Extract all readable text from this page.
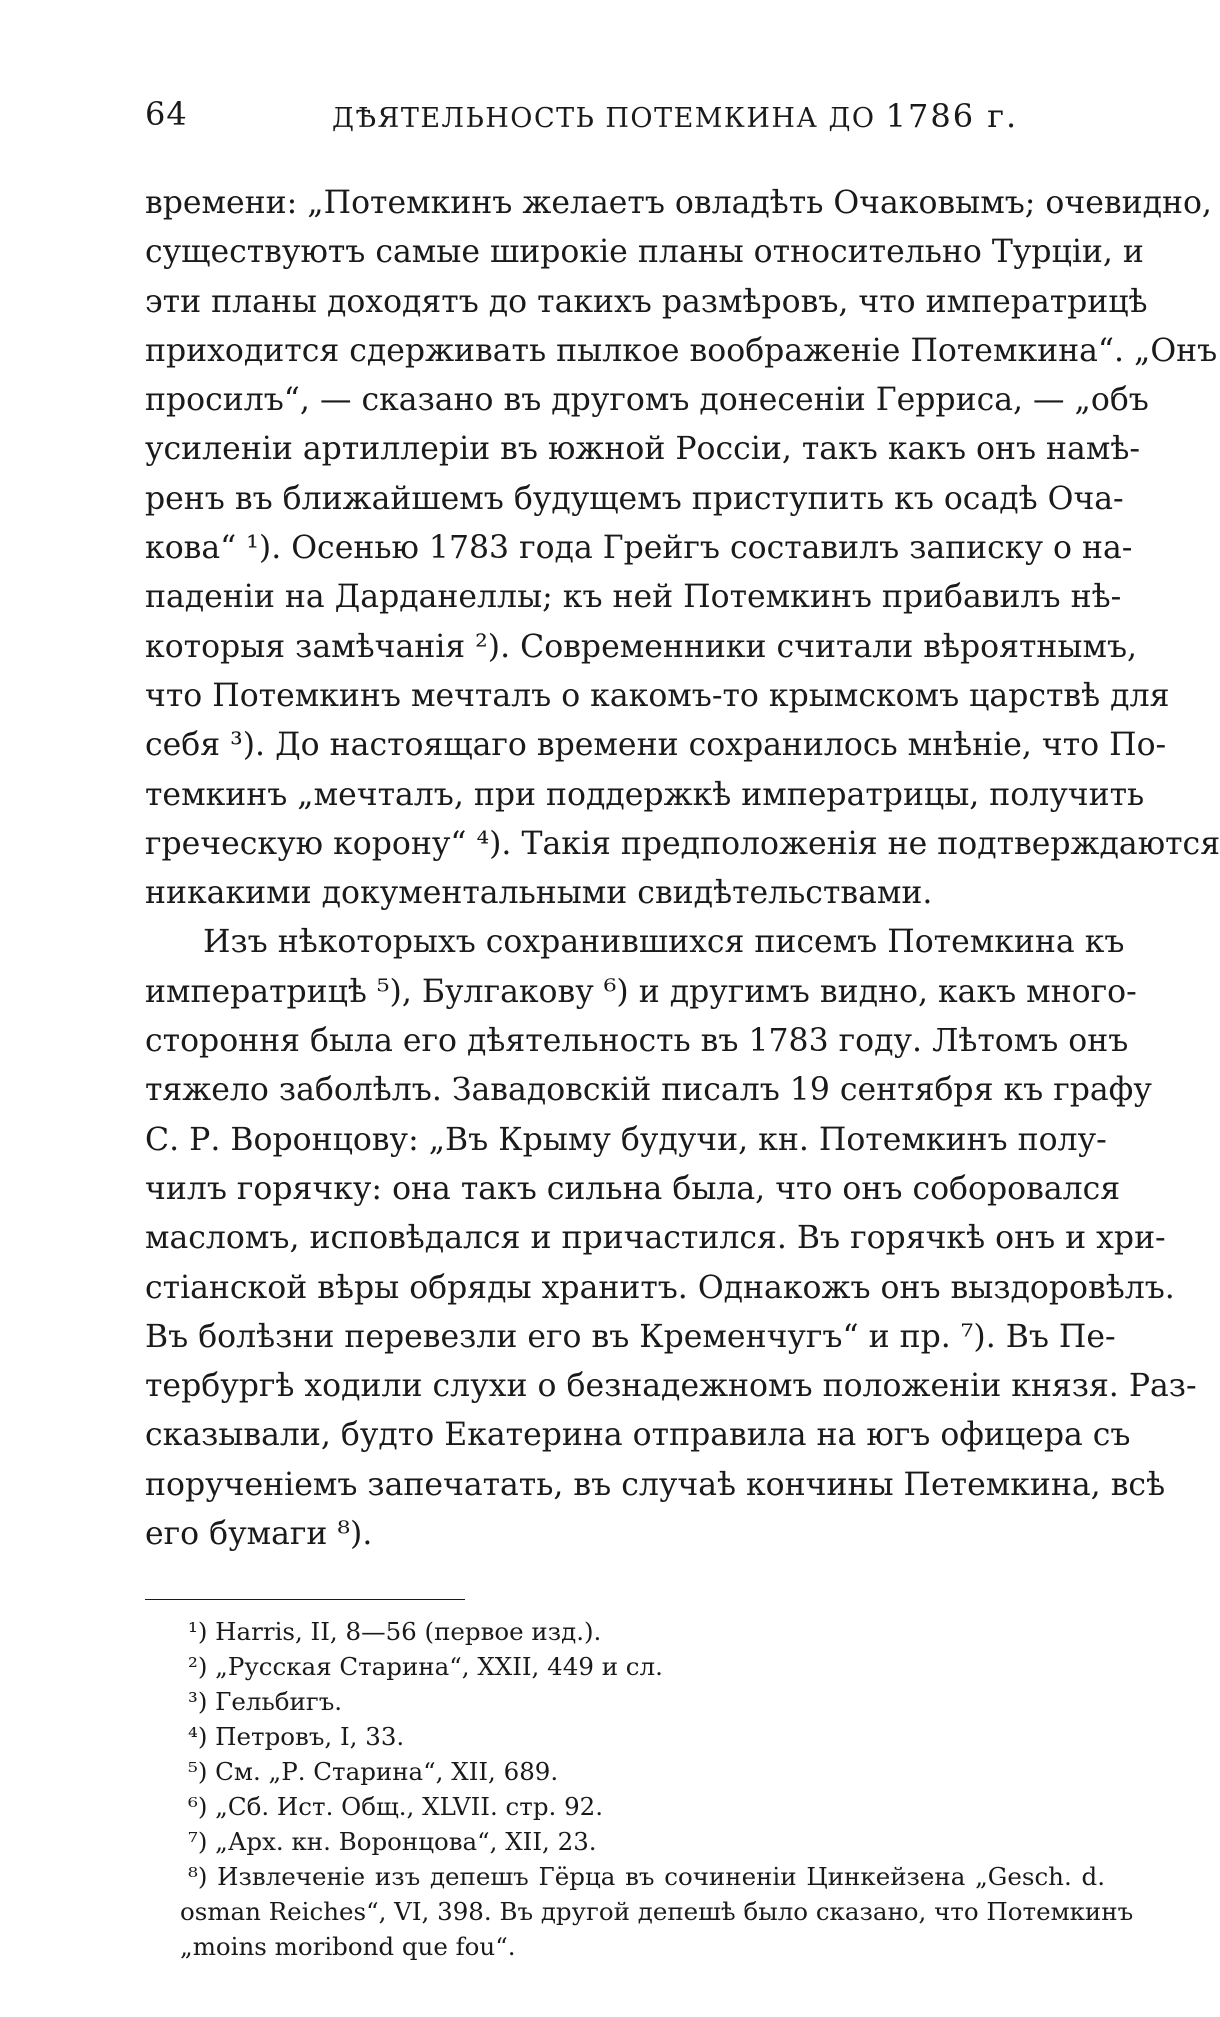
64	ДѢЯТЕЛЬНОСТЬ ПОТЕМКИНА ДО 1786 г.
времени: „Потемкинъ желаетъ овладѣть Очаковымъ; очевидно,
существуютъ самые широкіе планы относительно Турціи, и
эти планы доходятъ до такихъ размѣровъ, что императрицѣ
приходится сдерживать пылкое воображеніе Потемкина“. „Онъ
просилъ“, — сказано въ другомъ донесеніи Герриса, — „объ
усиленіи артиллеріи въ южной Россіи, такъ какъ онъ намѣ-
ренъ въ ближайшемъ будущемъ приступить къ осадѣ Оча-
кова“ ¹). Осенью 1783 года Грейгъ составилъ записку о на-
паденіи на Дарданеллы; къ ней Потемкинъ прибавилъ нѣ-
которыя замѣчанія ²). Современники считали вѣроятнымъ,
что Потемкинъ мечталъ о какомъ-то крымскомъ царствѣ для
себя ³). До настоящаго времени сохранилось мнѣніе, что По-
темкинъ „мечталъ, при поддержкѣ императрицы, получить
греческую корону“ ⁴). Такія предположенія не подтверждаются
никакими документальными свидѣтельствами.
Изъ нѣкоторыхъ сохранившихся писемъ Потемкина къ
императрицѣ ⁵), Булгакову ⁶) и другимъ видно, какъ много-
стороння была его дѣятельность въ 1783 году. Лѣтомъ онъ
тяжело заболѣлъ. Завадовскій писалъ 19 сентября къ графу
С. Р. Воронцову: „Въ Крыму будучи, кн. Потемкинъ полу-
чилъ горячку: она такъ сильна была, что онъ соборовался
масломъ, исповѣдался и причастился. Въ горячкѣ онъ и хри-
стіанской вѣры обряды хранитъ. Однакожъ онъ выздоровѣлъ.
Въ болѣзни перевезли его въ Кременчугъ“ и пр. ⁷). Въ Пе-
тербургѣ ходили слухи о безнадежномъ положеніи князя. Раз-
сказывали, будто Екатерина отправила на югъ офицера съ
порученіемъ запечатать, въ случаѣ кончины Петемкина, всѣ
его бумаги ⁸).
¹) Harris, II, 8—56 (первое изд.).
²) „Русская Старина“, XXII, 449 и сл.
³) Гельбигъ.
⁴) Петровъ, I, 33.
⁵) См. „Р. Старина“, XII, 689.
⁶) „Сб. Ист. Общ., XLVII. стр. 92.
⁷) „Арх. кн. Воронцова“, XII, 23.
⁸) Извлеченіе изъ депешъ Гёрца въ сочиненіи Цинкейзена „Gesch. d.
osman Reiches“, VI, 398. Въ другой депешѣ было сказано, что Потемкинъ
„moins moribond que fou“.
